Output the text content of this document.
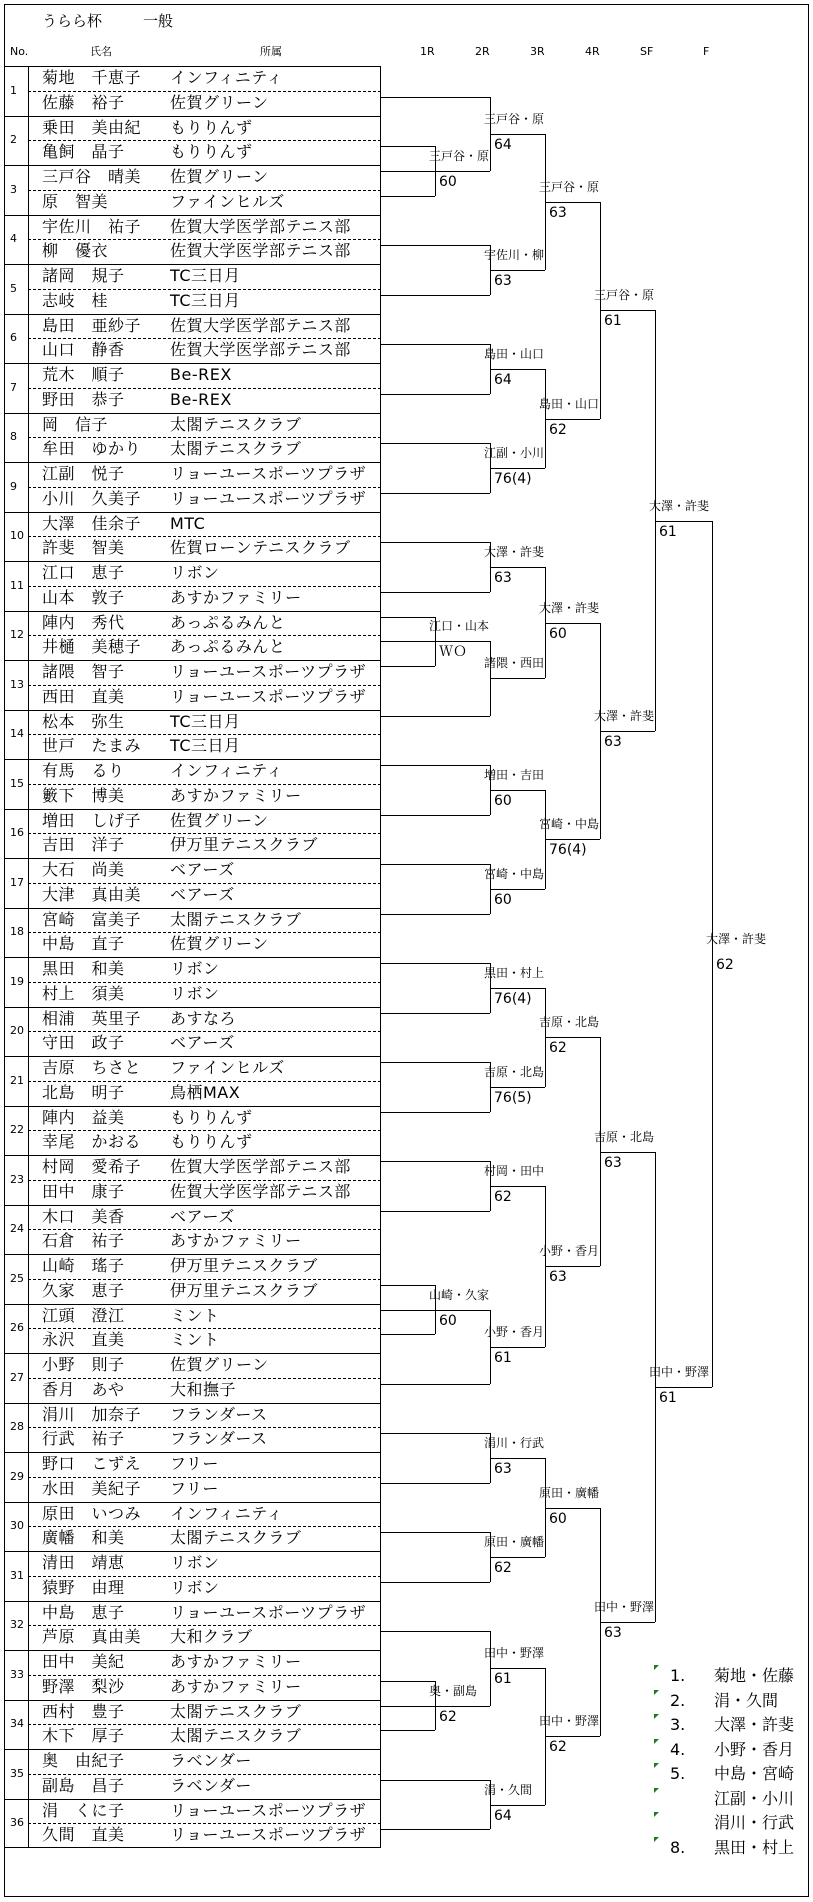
うらら杯	一般
No.	氏名	所属	1R	2R	3R	4R	SF	F
1
菊地　千恵子 インフィニティ
佐藤　裕子	佐賀グリーン
2
乗田　美由紀 もりりんず
亀飼　晶子	もりりんず
3
三戸谷　晴美 佐賀グリーン
原　智美	ファインヒルズ
4
宇佐川　祐子 佐賀大学医学部テニス部
柳　優衣	佐賀大学医学部テニス部
5
諸岡　規子	TC三日月
志岐　桂	TC三日月
6
島田　亜紗子 佐賀大学医学部テニス部
山口　静香	佐賀大学医学部テニス部
7
荒木　順子	Be-REX
野田　恭子	Be-REX
8
岡　信子	太閤テニスクラブ
牟田　ゆかり 太閤テニスクラブ
9
江副　悦子	リョーユースポーツプラザ
小川　久美子 リョーユースポーツプラザ
10
大澤　佳余子 MTC
許斐　智美	佐賀ローンテニスクラブ
11
江口　恵子	リボン
山本　敦子	あすかファミリー
12
陣内　秀代	あっぷるみんと
井樋　美穂子 あっぷるみんと
13
諸隈　智子	リョーユースポーツプラザ
西田　直美	リョーユースポーツプラザ
14
松本　弥生	TC三日月
世戸　たまみ TC三日月
15
有馬　るり	インフィニティ
籔下　博美	あすかファミリー
16
増田　しげ子 佐賀グリーン
吉田　洋子	伊万里テニスクラブ
17
大石　尚美	ベアーズ
大津　真由美 ベアーズ
18
宮崎　富美子 太閤テニスクラブ
中島　直子	佐賀グリーン
19
黒田　和美	リボン
村上　須美	リボン
20
相浦　英里子 あすなろ
守田　政子	ベアーズ
21
吉原　ちさと ファインヒルズ
北島　明子	鳥栖MAX
22
陣内　益美	もりりんず
幸尾　かおる もりりんず
23
村岡　愛希子 佐賀大学医学部テニス部
田中　康子	佐賀大学医学部テニス部
24
木口　美香	ベアーズ
石倉　祐子	あすかファミリー
25
山崎　瑤子	伊万里テニスクラブ
久家　恵子	伊万里テニスクラブ
26
江頭　澄江	ミント
永沢　直美	ミント
27
小野　則子	佐賀グリーン
香月　あや	大和撫子
28
涓川　加奈子 フランダース
行武　祐子	フランダース
29
野口　こずえ フリー
水田　美紀子 フリー
30
原田　いつみ インフィニティ
廣幡　和美	太閤テニスクラブ
31
清田　靖恵	リボン
猿野　由理	リボン
32
中島　恵子	リョーユースポーツプラザ
芦原　真由美 大和クラブ
33
田中　美紀	あすかファミリー
野澤　梨沙	あすかファミリー
34
西村　豊子	太閤テニスクラブ
木下　厚子	太閤テニスクラブ
35
奥　由紀子	ラベンダー
副島　昌子	ラベンダー
36
涓　くに子	リョーユースポーツプラザ
久間　直美	リョーユースポーツプラザ
三戸谷・原
60
江口・山本
ＷＯ
山崎・久家
60
奥・副島
62
三戸谷・原
64
宇佐川・柳
63
島田・山口
64
江副・小川
76(4)
大澤・許斐
63
諸隈・西田
増田・吉田
60
宮崎・中島
60
黒田・村上
76(4)
吉原・北島
76(5)
村岡・田中
62
小野・香月
61
涓川・行武
63
原田・廣幡
62
田中・野澤
61
涓・久間
64
三戸谷・原
63
島田・山口
62
大澤・許斐
60
宮崎・中島
76(4)
吉原・北島
62
小野・香月
63
原田・廣幡
60
田中・野澤
62
三戸谷・原
61
大澤・許斐
63
吉原・北島
63
田中・野澤
63
大澤・許斐
61
田中・野澤
61
大澤・許斐
62
1. 菊地・佐藤
2. 涓・久間
3. 大澤・許斐
4. 小野・香月
5. 中島・宮崎
江副・小川
涓川・行武
8. 黒田・村上
